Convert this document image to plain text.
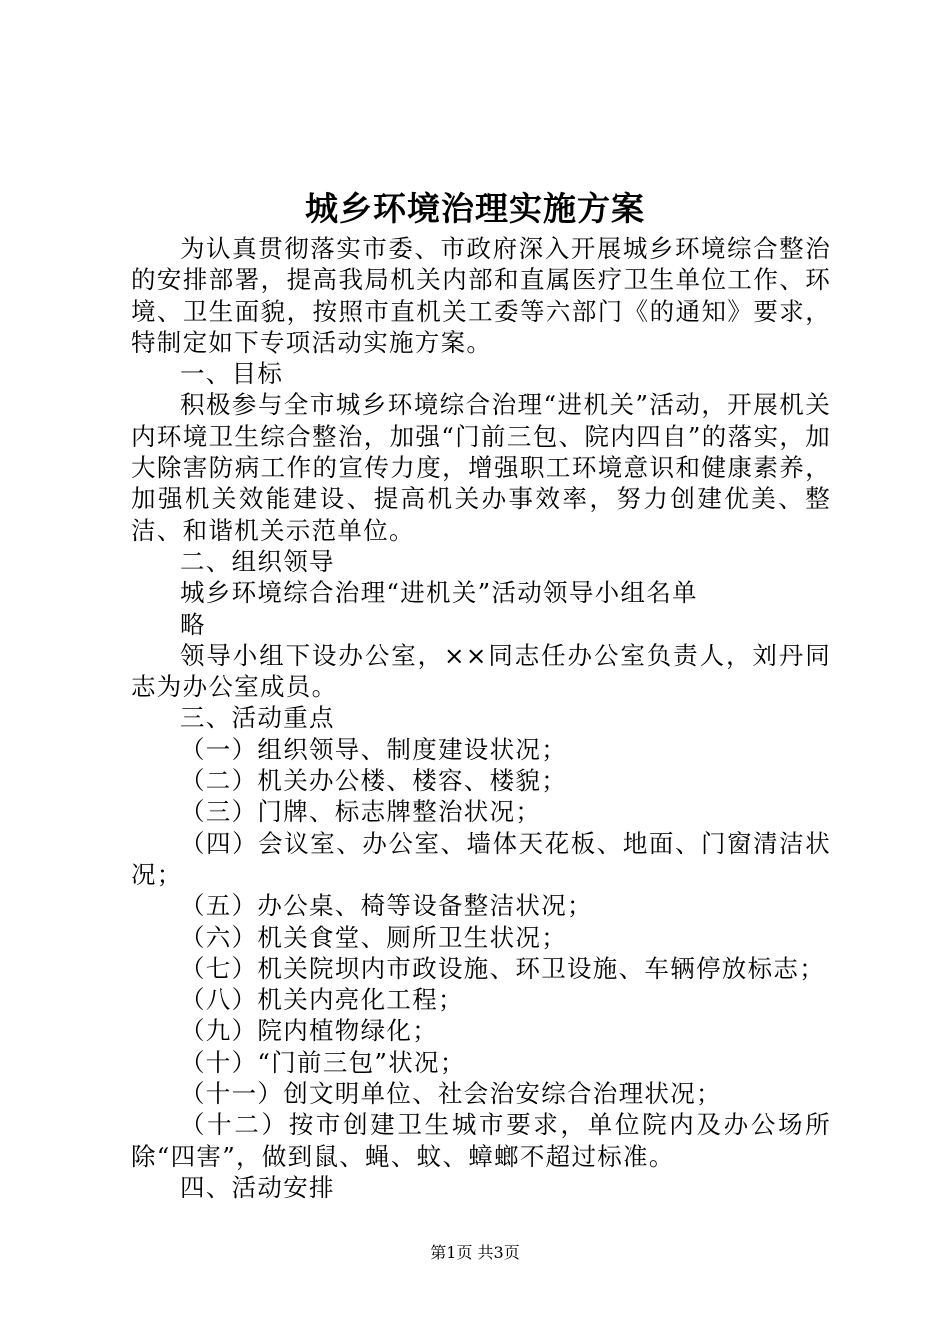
城乡环境治理实施方案

为认真贯彻落实市委、市政府深入开展城乡环境综合整治的安排部署，提高我局机关内部和直属医疗卫生单位工作、环境、卫生面貌，按照市直机关工委等六部门《的通知》要求，特制定如下专项活动实施方案。

一、目标

积极参与全市城乡环境综合治理“进机关”活动，开展机关内环境卫生综合整治，加强“门前三包、院内四自”的落实，加大除害防病工作的宣传力度，增强职工环境意识和健康素养，加强机关效能建设、提高机关办事效率，努力创建优美、整洁、和谐机关示范单位。

二、组织领导

城乡环境综合治理“进机关”活动领导小组名单

略

领导小组下设办公室，××同志任办公室负责人，刘丹同志为办公室成员。

三、活动重点

（一）组织领导、制度建设状况；

（二）机关办公楼、楼容、楼貌；

（三）门牌、标志牌整治状况；

（四）会议室、办公室、墙体天花板、地面、门窗清洁状况；

（五）办公桌、椅等设备整洁状况；

（六）机关食堂、厕所卫生状况；

（七）机关院坝内市政设施、环卫设施、车辆停放标志；

（八）机关内亮化工程；

（九）院内植物绿化；

（十）“门前三包”状况；

（十一）创文明单位、社会治安综合治理状况；

（十二）按市创建卫生城市要求，单位院内及办公场所除“四害”，做到鼠、蝇、蚊、蟑螂不超过标准。

四、活动安排

第1页 共3页
